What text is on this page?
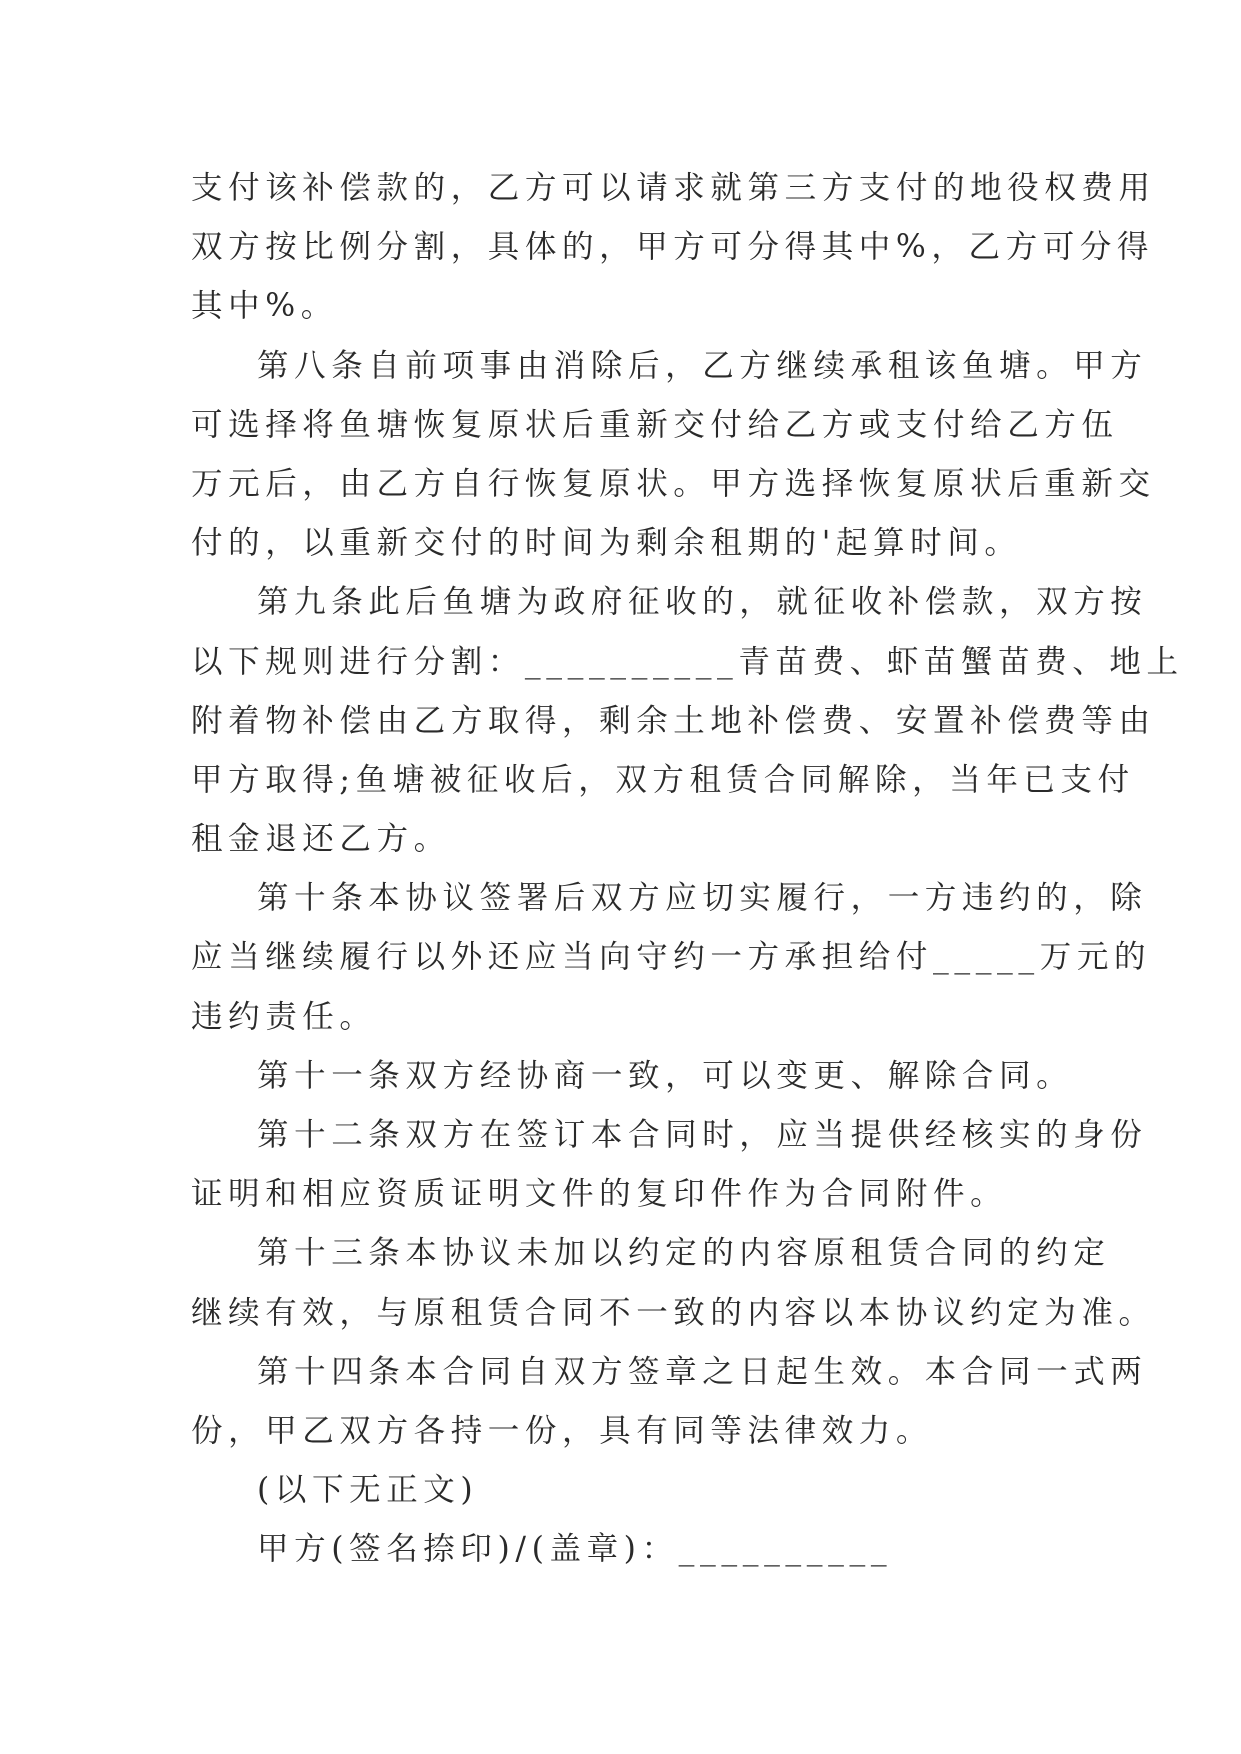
支付该补偿款的，乙方可以请求就第三方支付的地役权费用
双方按比例分割，具体的，甲方可分得其中%，乙方可分得
其中%。
第八条自前项事由消除后，乙方继续承租该鱼塘。甲方
可选择将鱼塘恢复原状后重新交付给乙方或支付给乙方伍
万元后，由乙方自行恢复原状。甲方选择恢复原状后重新交
付的，以重新交付的时间为剩余租期的'起算时间。
第九条此后鱼塘为政府征收的，就征收补偿款，双方按
以下规则进行分割：__________青苗费、虾苗蟹苗费、地上
附着物补偿由乙方取得，剩余土地补偿费、安置补偿费等由
甲方取得;鱼塘被征收后，双方租赁合同解除，当年已支付
租金退还乙方。
第十条本协议签署后双方应切实履行，一方违约的，除
应当继续履行以外还应当向守约一方承担给付_____万元的
违约责任。
第十一条双方经协商一致，可以变更、解除合同。
第十二条双方在签订本合同时，应当提供经核实的身份
证明和相应资质证明文件的复印件作为合同附件。
第十三条本协议未加以约定的内容原租赁合同的约定
继续有效，与原租赁合同不一致的内容以本协议约定为准。
第十四条本合同自双方签章之日起生效。本合同一式两
份，甲乙双方各持一份，具有同等法律效力。
(以下无正文)
甲方(签名捺印)/(盖章)：__________
